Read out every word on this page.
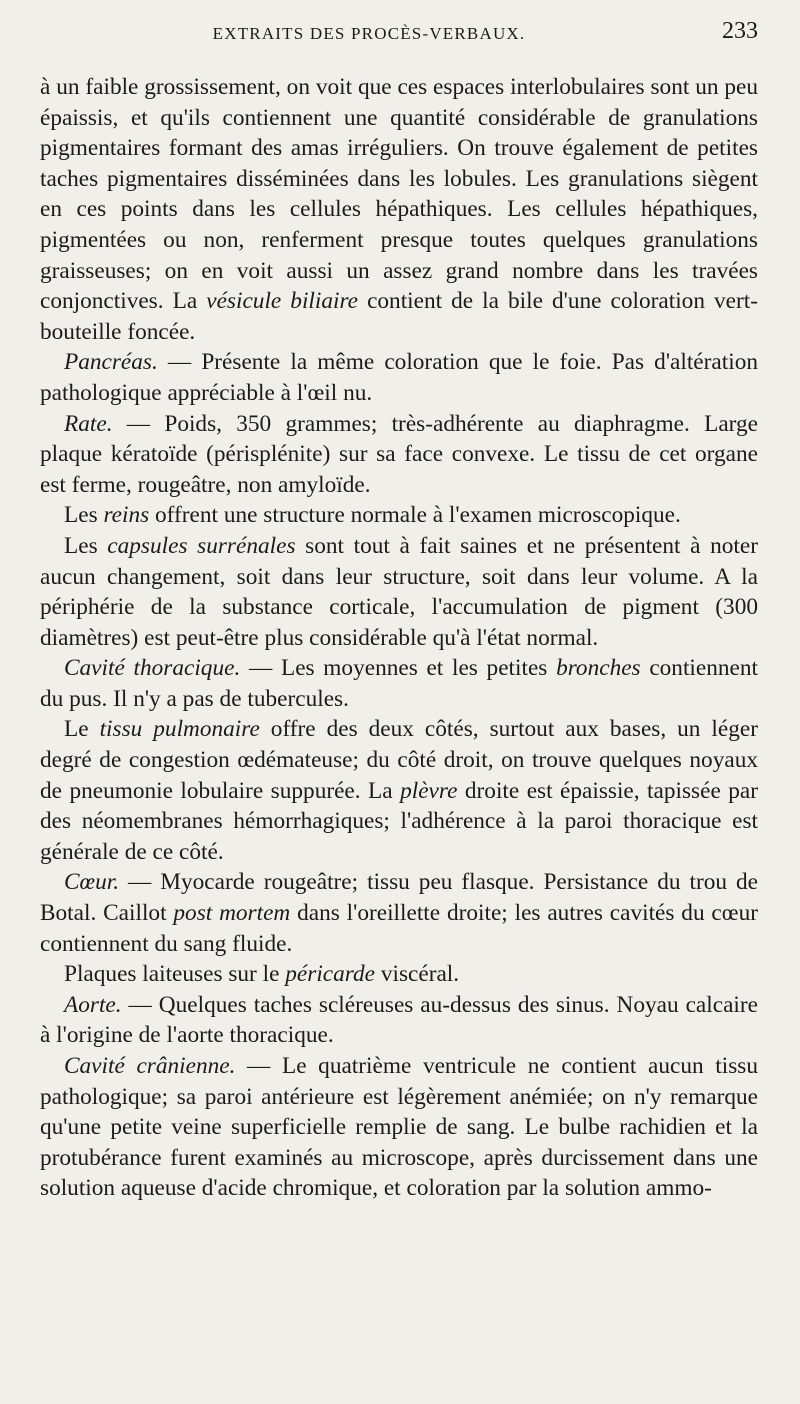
EXTRAITS DES PROCÈS-VERBAUX.	233

à un faible grossissement, on voit que ces espaces interlobulaires sont un peu épaissis, et qu'ils contiennent une quantité considérable de granulations pigmentaires formant des amas irréguliers. On trouve également de petites taches pigmentaires disséminées dans les lobules. Les granulations siègent en ces points dans les cellules hépathiques. Les cellules hépathiques, pigmentées ou non, renferment presque toutes quelques granulations graisseuses; on en voit aussi un assez grand nombre dans les travées conjonctives. La vésicule biliaire contient de la bile d'une coloration vert-bouteille foncée.

Pancréas. — Présente la même coloration que le foie. Pas d'altération pathologique appréciable à l'œil nu.

Rate. — Poids, 350 grammes; très-adhérente au diaphragme. Large plaque kératoïde (périsplénite) sur sa face convexe. Le tissu de cet organe est ferme, rougeâtre, non amyloïde.

Les reins offrent une structure normale à l'examen microscopique.

Les capsules surrénales sont tout à fait saines et ne présentent à noter aucun changement, soit dans leur structure, soit dans leur volume. A la périphérie de la substance corticale, l'accumulation de pigment (300 diamètres) est peut-être plus considérable qu'à l'état normal.

Cavité thoracique. — Les moyennes et les petites bronches contiennent du pus. Il n'y a pas de tubercules.

Le tissu pulmonaire offre des deux côtés, surtout aux bases, un léger degré de congestion œdémateuse; du côté droit, on trouve quelques noyaux de pneumonie lobulaire suppurée. La plèvre droite est épaissie, tapissée par des néomembranes hémorrhagiques; l'adhérence à la paroi thoracique est générale de ce côté.

Cœur. — Myocarde rougeâtre; tissu peu flasque. Persistance du trou de Botal. Caillot post mortem dans l'oreillette droite; les autres cavités du cœur contiennent du sang fluide.

Plaques laiteuses sur le péricarde viscéral.

Aorte. — Quelques taches scléreuses au-dessus des sinus. Noyau calcaire à l'origine de l'aorte thoracique.

Cavité crânienne. — Le quatrième ventricule ne contient aucun tissu pathologique; sa paroi antérieure est légèrement anémiée; on n'y remarque qu'une petite veine superficielle remplie de sang. Le bulbe rachidien et la protubérance furent examinés au microscope, après durcissement dans une solution aqueuse d'acide chromique, et coloration par la solution ammo-
